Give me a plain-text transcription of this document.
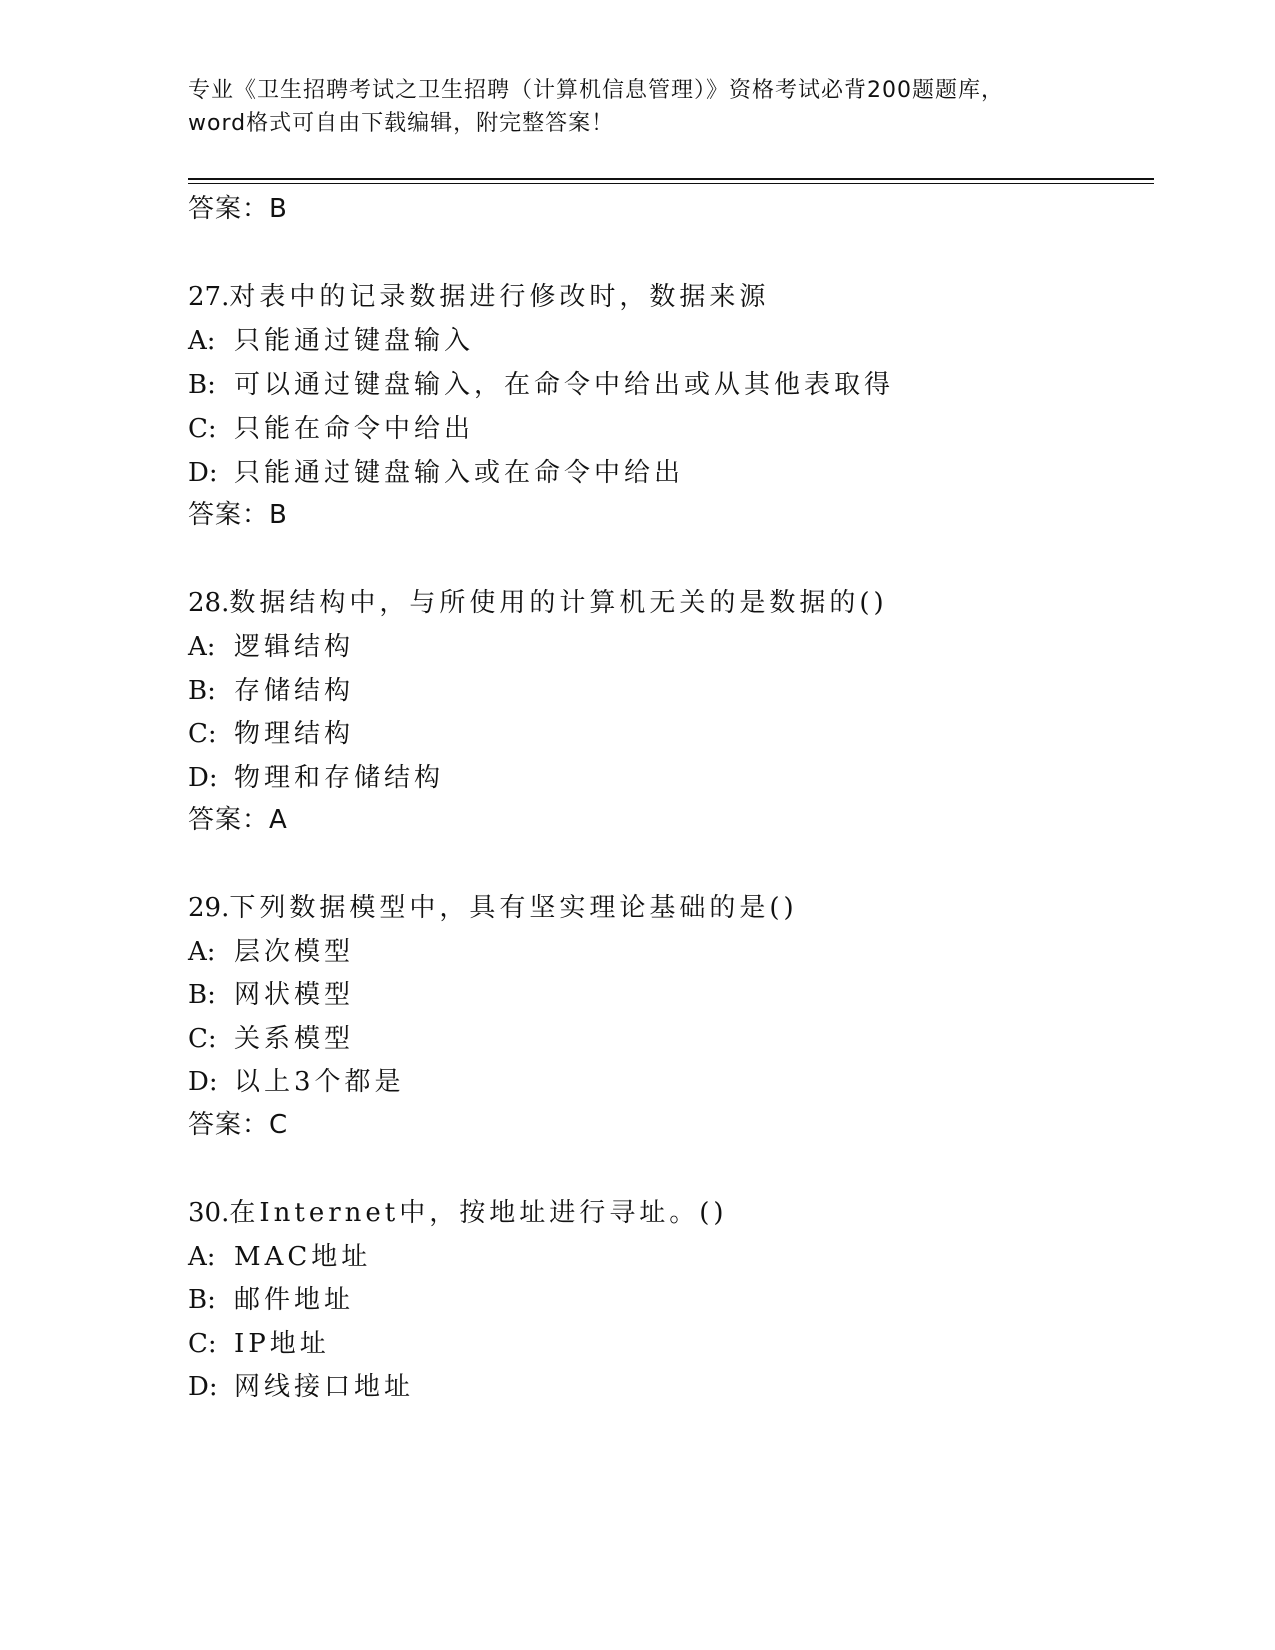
专业《卫生招聘考试之卫生招聘（计算机信息管理）》资格考试必背200题题库，
word格式可自由下载编辑，附完整答案！
答案：B
27.对表中的记录数据进行修改时，数据来源
A: 只能通过键盘输入
B: 可以通过键盘输入，在命令中给出或从其他表取得
C: 只能在命令中给出
D: 只能通过键盘输入或在命令中给出
答案：B
28.数据结构中，与所使用的计算机无关的是数据的()
A: 逻辑结构
B: 存储结构
C: 物理结构
D: 物理和存储结构
答案：A
29.下列数据模型中，具有坚实理论基础的是()
A: 层次模型
B: 网状模型
C: 关系模型
D: 以上3个都是
答案：C
30.在Internet中，按地址进行寻址。()
A: MAC地址
B: 邮件地址
C: IP地址
D: 网线接口地址
